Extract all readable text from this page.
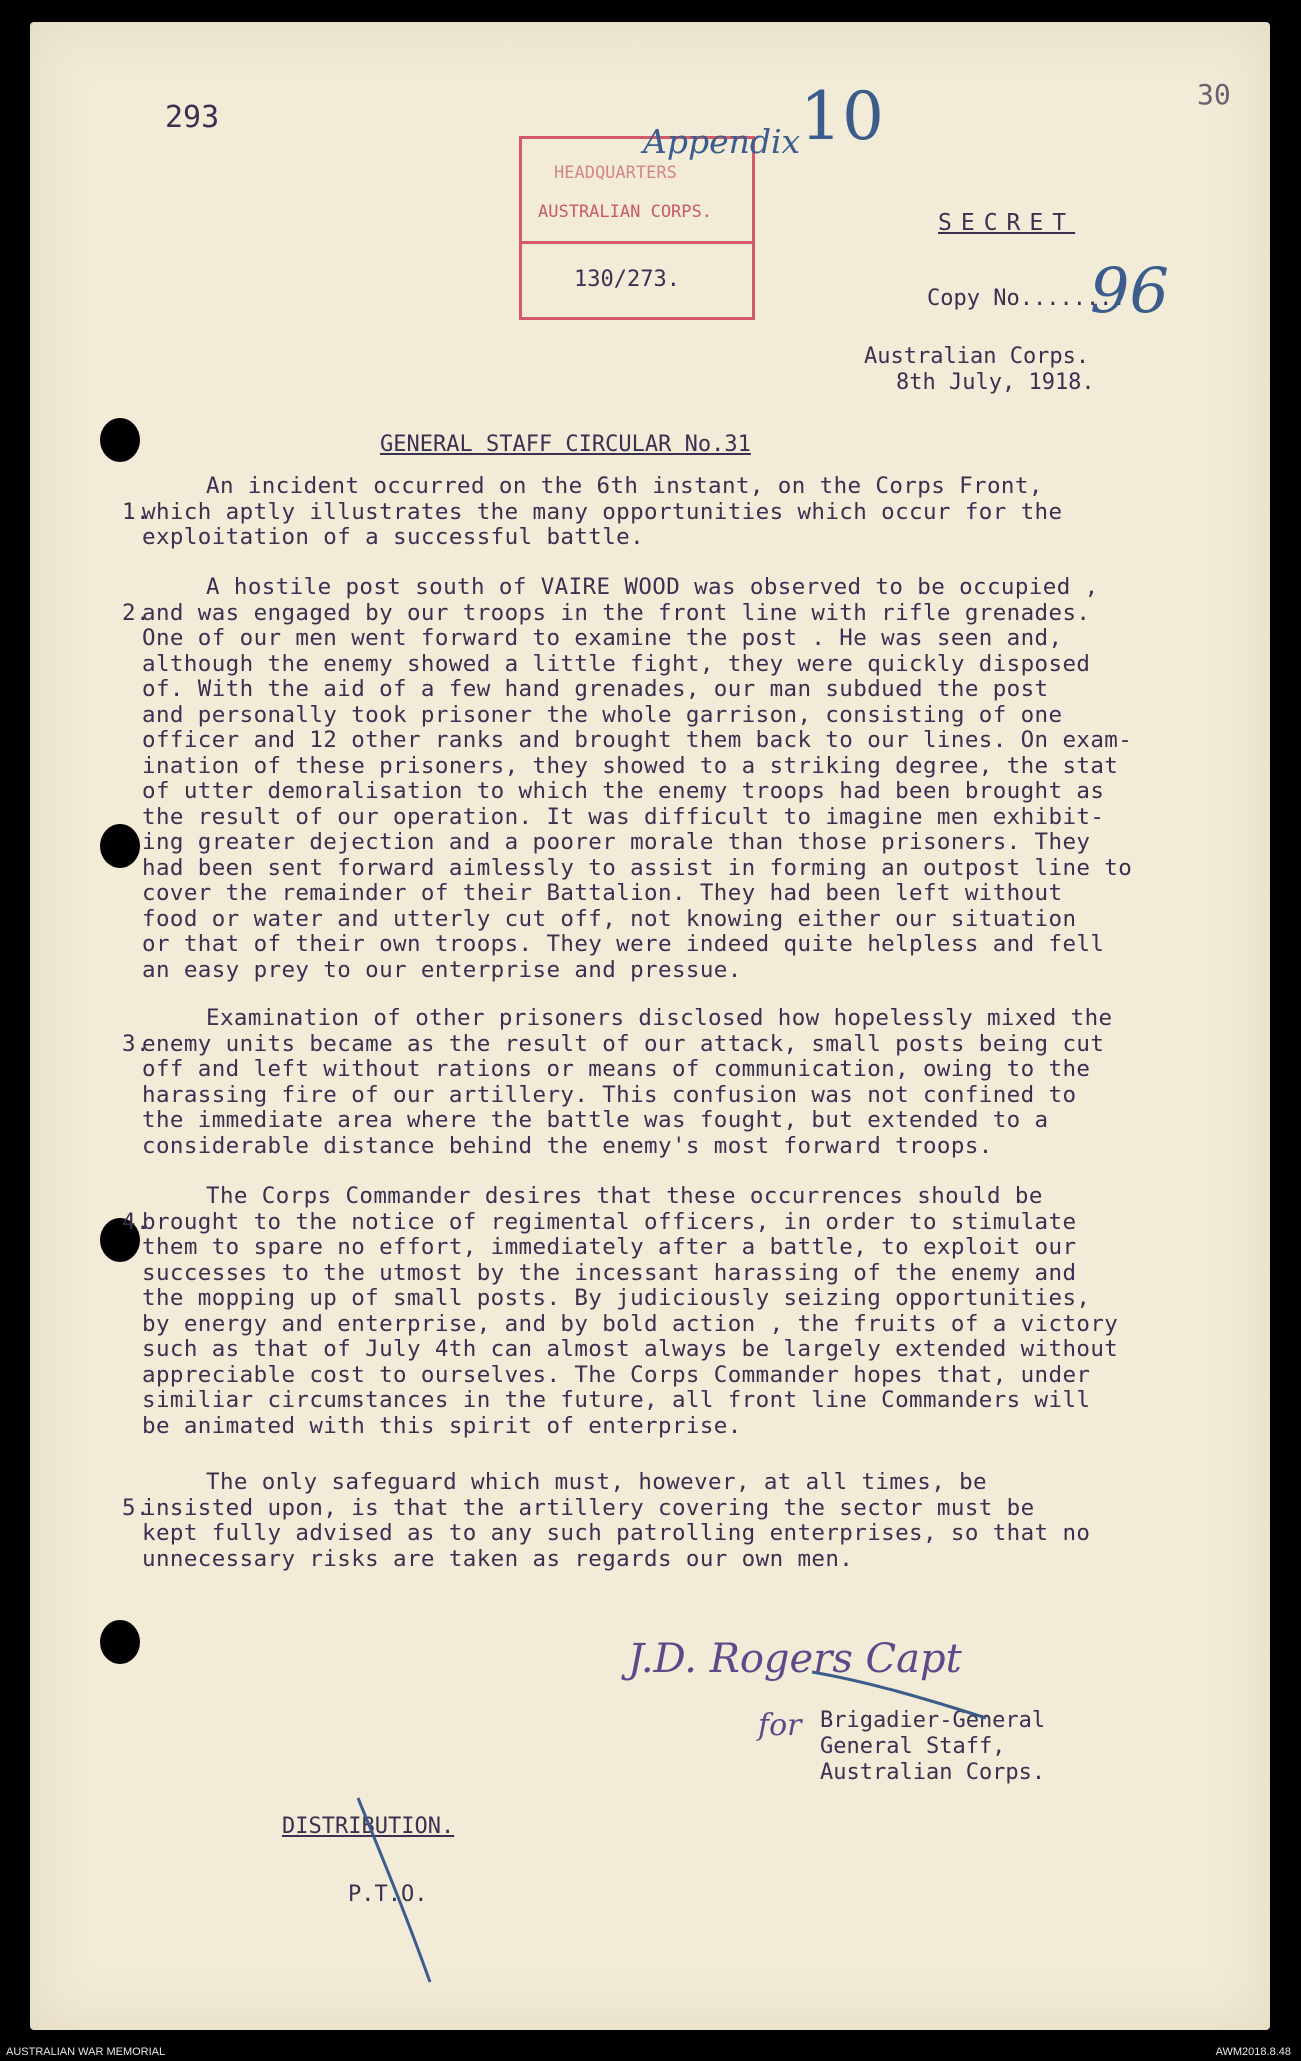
293
30
HEADQUARTERS
AUSTRALIAN CORPS.
130/273.
Appendix 10
SECRET
Copy No........
96
Australian Corps.
8th July, 1918.
GENERAL STAFF CIRCULAR No.31
1.
An incident occurred on the 6th instant, on the Corps Front,
which aptly illustrates the many opportunities which occur for the
exploitation of a successful battle.
2.
A hostile post south of VAIRE WOOD was observed to be occupied ,
and was engaged by our troops in the front line with rifle grenades.
One of our men went forward to examine the post . He was seen and,
although the enemy showed a little fight, they were quickly disposed
of. With the aid of a few hand grenades, our man subdued the post
and personally took prisoner the whole garrison, consisting of one
officer and 12 other ranks and brought them back to our lines. On exam-
ination of these prisoners, they showed to a striking degree, the stat
of utter demoralisation to which the enemy troops had been brought as
the result of our operation. It was difficult to imagine men exhibit-
ing greater dejection and a poorer morale than those prisoners. They
had been sent forward aimlessly to assist in forming an outpost line to
cover the remainder of their Battalion. They had been left without
food or water and utterly cut off, not knowing either our situation
or that of their own troops. They were indeed quite helpless and fell
an easy prey to our enterprise and pressue.
3.
Examination of other prisoners disclosed how hopelessly mixed the
enemy units became as the result of our attack, small posts being cut
off and left without rations or means of communication, owing to the
harassing fire of our artillery. This confusion was not confined to
the immediate area where the battle was fought, but extended to a
considerable distance behind the enemy's most forward troops.
4.
The Corps Commander desires that these occurrences should be
brought to the notice of regimental officers, in order to stimulate
them to spare no effort, immediately after a battle, to exploit our
successes to the utmost by the incessant harassing of the enemy and
the mopping up of small posts. By judiciously seizing opportunities,
by energy and enterprise, and by bold action , the fruits of a victory
such as that of July 4th can almost always be largely extended without
appreciable cost to ourselves. The Corps Commander hopes that, under
similiar circumstances in the future, all front line Commanders will
be animated with this spirit of enterprise.
5.
The only safeguard which must, however, at all times, be
insisted upon, is that the artillery covering the sector must be
kept fully advised as to any such patrolling enterprises, so that no
unnecessary risks are taken as regards our own men.
J.D. Rogers Capt
for Brigadier-General
General Staff,
Australian Corps.
DISTRIBUTION.
P.T.O.
AUSTRALIAN WAR MEMORIAL	AWM2018.8.48
